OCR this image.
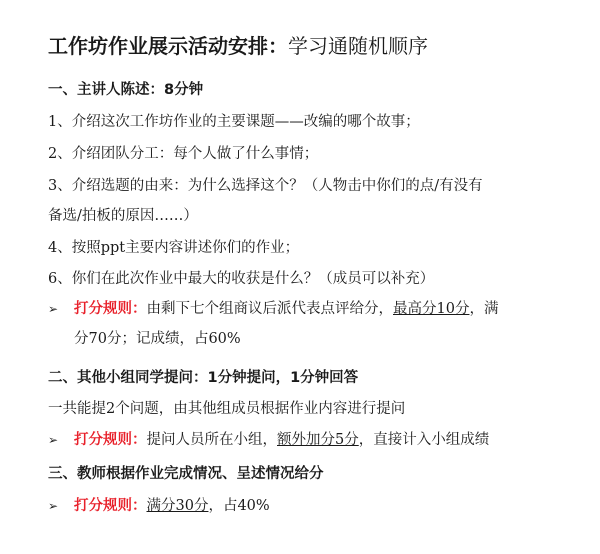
工作坊作业展示活动安排：学习通随机顺序
一、主讲人陈述：8分钟
1、介绍这次工作坊作业的主要课题——改编的哪个故事；
2、介绍团队分工：每个人做了什么事情；
3、介绍选题的由来：为什么选择这个？（人物击中你们的点/有没有
备选/拍板的原因……）
4、按照ppt主要内容讲述你们的作业；
6、你们在此次作业中最大的收获是什么？（成员可以补充）
➢ 打分规则：由剩下七个组商议后派代表点评给分，最高分10分，满
分70分；记成绩，占60%
二、其他小组同学提问：1分钟提问，1分钟回答
一共能提2个问题，由其他组成员根据作业内容进行提问
➢ 打分规则：提问人员所在小组，额外加分5分，直接计入小组成绩
三、教师根据作业完成情况、呈述情况给分
➢ 打分规则：满分30分，占40%
